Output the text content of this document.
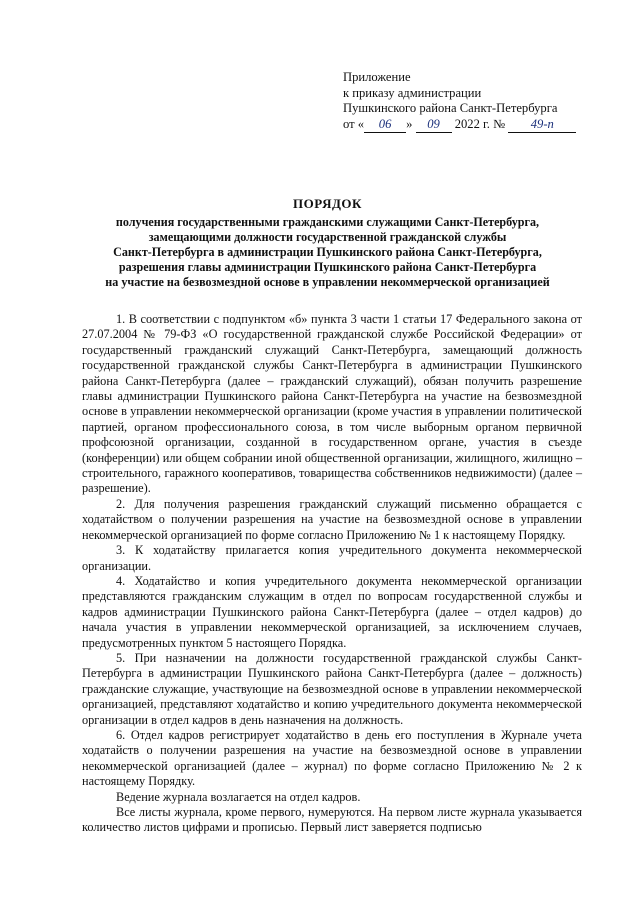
Приложение
к приказу администрации
Пушкинского района Санкт-Петербурга
от « 06 » 09 2022 г. № 49-п
ПОРЯДОК
получения государственными гражданскими служащими Санкт-Петербурга,
замещающими должности государственной гражданской службы
Санкт-Петербурга в администрации Пушкинского района Санкт-Петербурга,
разрешения главы администрации Пушкинского района Санкт-Петербурга
на участие на безвозмездной основе в управлении некоммерческой организацией

1. В соответствии с подпунктом «б» пункта 3 части 1 статьи 17 Федерального закона от 27.07.2004 № 79-ФЗ «О государственной гражданской службе Российской Федерации» от государственный гражданский служащий Санкт-Петербурга, замещающий должность государственной гражданской службы Санкт-Петербурга в администрации Пушкинского района Санкт-Петербурга (далее – гражданский служащий), обязан получить разрешение главы администрации Пушкинского района Санкт-Петербурга на участие на безвозмездной основе в управлении некоммерческой организации (кроме участия в управлении политической партией, органом профессионального союза, в том числе выборным органом первичной профсоюзной организации, созданной в государственном органе, участия в съезде (конференции) или общем собрании иной общественной организации, жилищного, жилищно – строительного, гаражного кооперативов, товарищества собственников недвижимости) (далее – разрешение).

2. Для получения разрешения гражданский служащий письменно обращается с ходатайством о получении разрешения на участие на безвозмездной основе в управлении некоммерческой организацией по форме согласно Приложению № 1 к настоящему Порядку.

3. К ходатайству прилагается копия учредительного документа некоммерческой организации.

4. Ходатайство и копия учредительного документа некоммерческой организации представляются гражданским служащим в отдел по вопросам государственной службы и кадров администрации Пушкинского района Санкт-Петербурга (далее – отдел кадров) до начала участия в управлении некоммерческой организацией, за исключением случаев, предусмотренных пунктом 5 настоящего Порядка.

5. При назначении на должности государственной гражданской службы Санкт-Петербурга в администрации Пушкинского района Санкт-Петербурга (далее – должность) гражданские служащие, участвующие на безвозмездной основе в управлении некоммерческой организацией, представляют ходатайство и копию учредительного документа некоммерческой организации в отдел кадров в день назначения на должность.

6. Отдел кадров регистрирует ходатайство в день его поступления в Журнале учета ходатайств о получении разрешения на участие на безвозмездной основе в управлении некоммерческой организацией (далее – журнал) по форме согласно Приложению № 2 к настоящему Порядку.

Ведение журнала возлагается на отдел кадров.

Все листы журнала, кроме первого, нумеруются. На первом листе журнала указывается количество листов цифрами и прописью. Первый лист заверяется подписью
